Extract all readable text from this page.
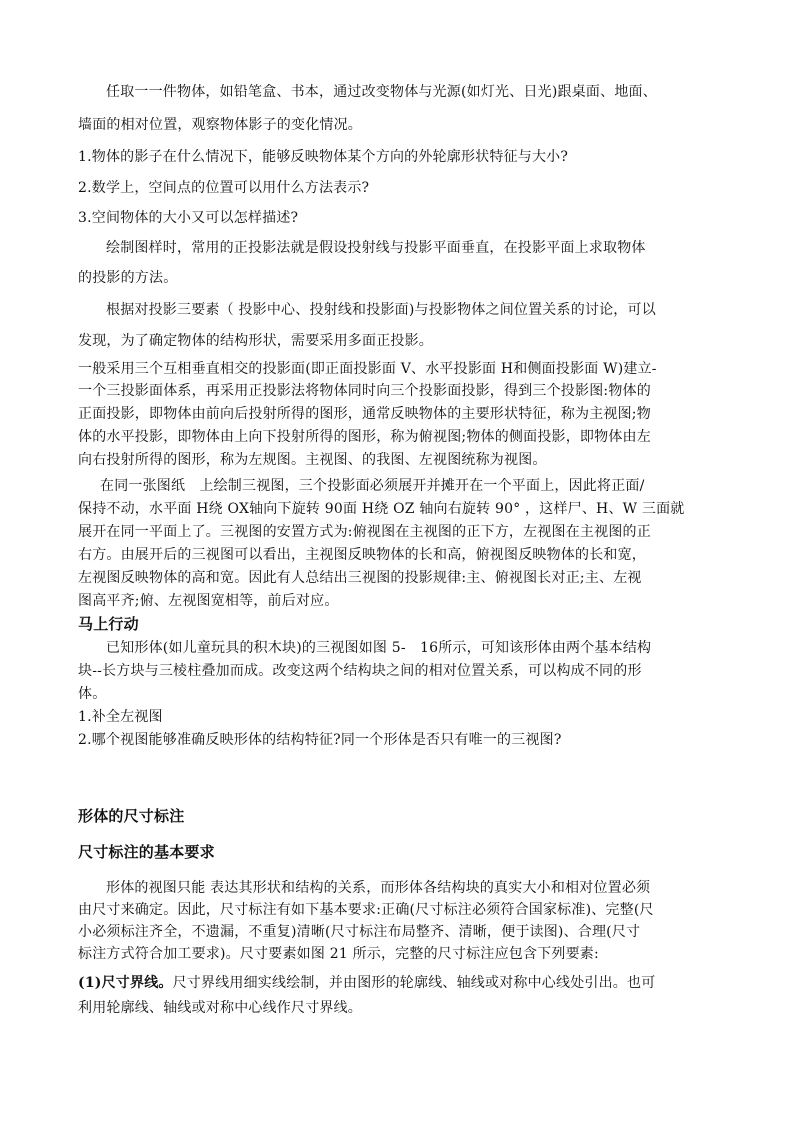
任取一一件物体，如铅笔盒、书本，通过改变物体与光源(如灯光、日光)跟桌面、地面、
墙面的相对位置，观察物体影子的变化情况。
1.物体的影子在什么情况下，能够反映物体某个方向的外轮廓形状特征与大小?
2.数学上，空间点的位置可以用什么方法表示?
3.空间物体的大小又可以怎样描述?
绘制图样时，常用的正投影法就是假设投射线与投影平面垂直，在投影平面上求取物体
的投影的方法。
根据对投影三要素（ 投影中心、投射线和投影面)与投影物体之间位置关系的讨论，可以
发现，为了确定物体的结构形状，需要采用多面正投影。
一般采用三个互相垂直相交的投影面(即正面投影面 V、水平投影面 H和侧面投影面 W)建立-
一个三投影面体系，再采用正投影法将物体同时向三个投影面投影，得到三个投影图:物体的
正面投影，即物体由前向后投射所得的图形，通常反映物体的主要形状特征，称为主视图;物
体的水平投影，即物体由上向下投射所得的图形，称为俯视图;物体的侧面投影，即物体由左
向右投射所得的图形，称为左规图。主视图、的我图、左视图统称为视图。
在同一张图纸　上绘制三视图，三个投影面必须展开并摊开在一个平面上，因此将正面/
保持不动，水平面 H绕 OX轴向下旋转 90面 H绕 OZ 轴向右旋转 90° ，这样尸、H、W 三面就
展开在同一平面上了。三视图的安置方式为:俯视图在主视图的正下方，左视图在主视图的正
右方。由展开后的三视图可以看出，主视图反映物体的长和高，俯视图反映物体的长和宽，
左视图反映物体的高和宽。因此有人总结出三视图的投影规律:主、俯视图长对正;主、左视
图高平齐;俯、左视图宽相等，前后对应。
马上行动
已知形体(如儿童玩具的积木块)的三视图如图 5-　16所示，可知该形体由两个基本结构
块--长方块与三棱柱叠加而成。改变这两个结构块之间的相对位置关系，可以构成不同的形
体。
1.补全左视图
2.哪个视图能够准确反映形体的结构特征?同一个形体是否只有唯一的三视图?
形体的尺寸标注
尺寸标注的基本要求
形体的视图只能 表达其形状和结构的关系，而形体各结构块的真实大小和相对位置必须
由尺寸来确定。因此，尺寸标注有如下基本要求:正确(尺寸标注必须符合国家标准)、完整(尺
小必须标注齐全，不遗漏，不重复)清晰(尺寸标注布局整齐、清晰，便于读图)、合理(尺寸
标注方式符合加工要求)。尺寸要素如图 21 所示，完整的尺寸标注应包含下列要素:
(1)尺寸界线。尺寸界线用细实线绘制，并由图形的轮廓线、轴线或对称中心线处引出。也可
利用轮廓线、轴线或对称中心线作尺寸界线。
